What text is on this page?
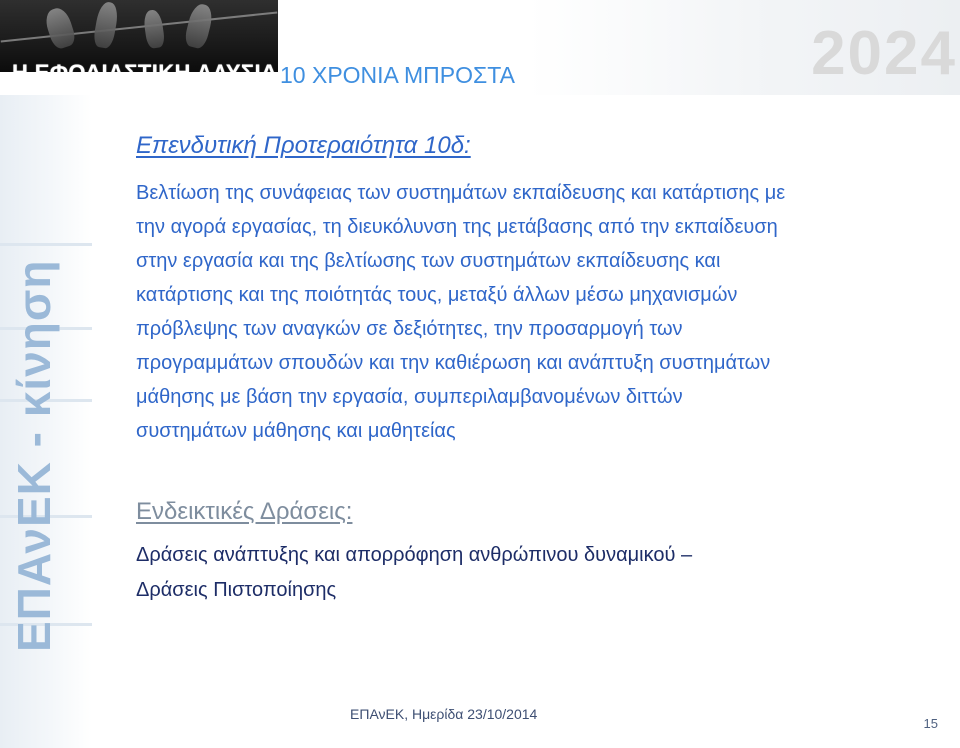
Η ΕΦΟΔΙΑΣΤΙΚΗ ΑΛΥΣΙΔΑ
10 ΧΡΟΝΙΑ ΜΠΡΟΣΤΑ	2024
ΕΠΑνΕΚ - κίνηση
Επενδυτική Προτεραιότητα 10δ:
Βελτίωση της συνάφειας των συστημάτων εκπαίδευσης και κατάρτισης με
την αγορά εργασίας, τη διευκόλυνση της μετάβασης από την εκπαίδευση
στην εργασία και της βελτίωσης των συστημάτων εκπαίδευσης και
κατάρτισης και της ποιότητάς τους, μεταξύ άλλων μέσω μηχανισμών
πρόβλεψης των αναγκών σε δεξιότητες, την προσαρμογή των
προγραμμάτων σπουδών και την καθιέρωση και ανάπτυξη συστημάτων
μάθησης με βάση την εργασία, συμπεριλαμβανομένων διττών
συστημάτων μάθησης και μαθητείας
Ενδεικτικές Δράσεις:
Δράσεις ανάπτυξης και απορρόφηση ανθρώπινου δυναμικού –
Δράσεις Πιστοποίησης
ΕΠΑνΕΚ, Ημερίδα 23/10/2014
15
